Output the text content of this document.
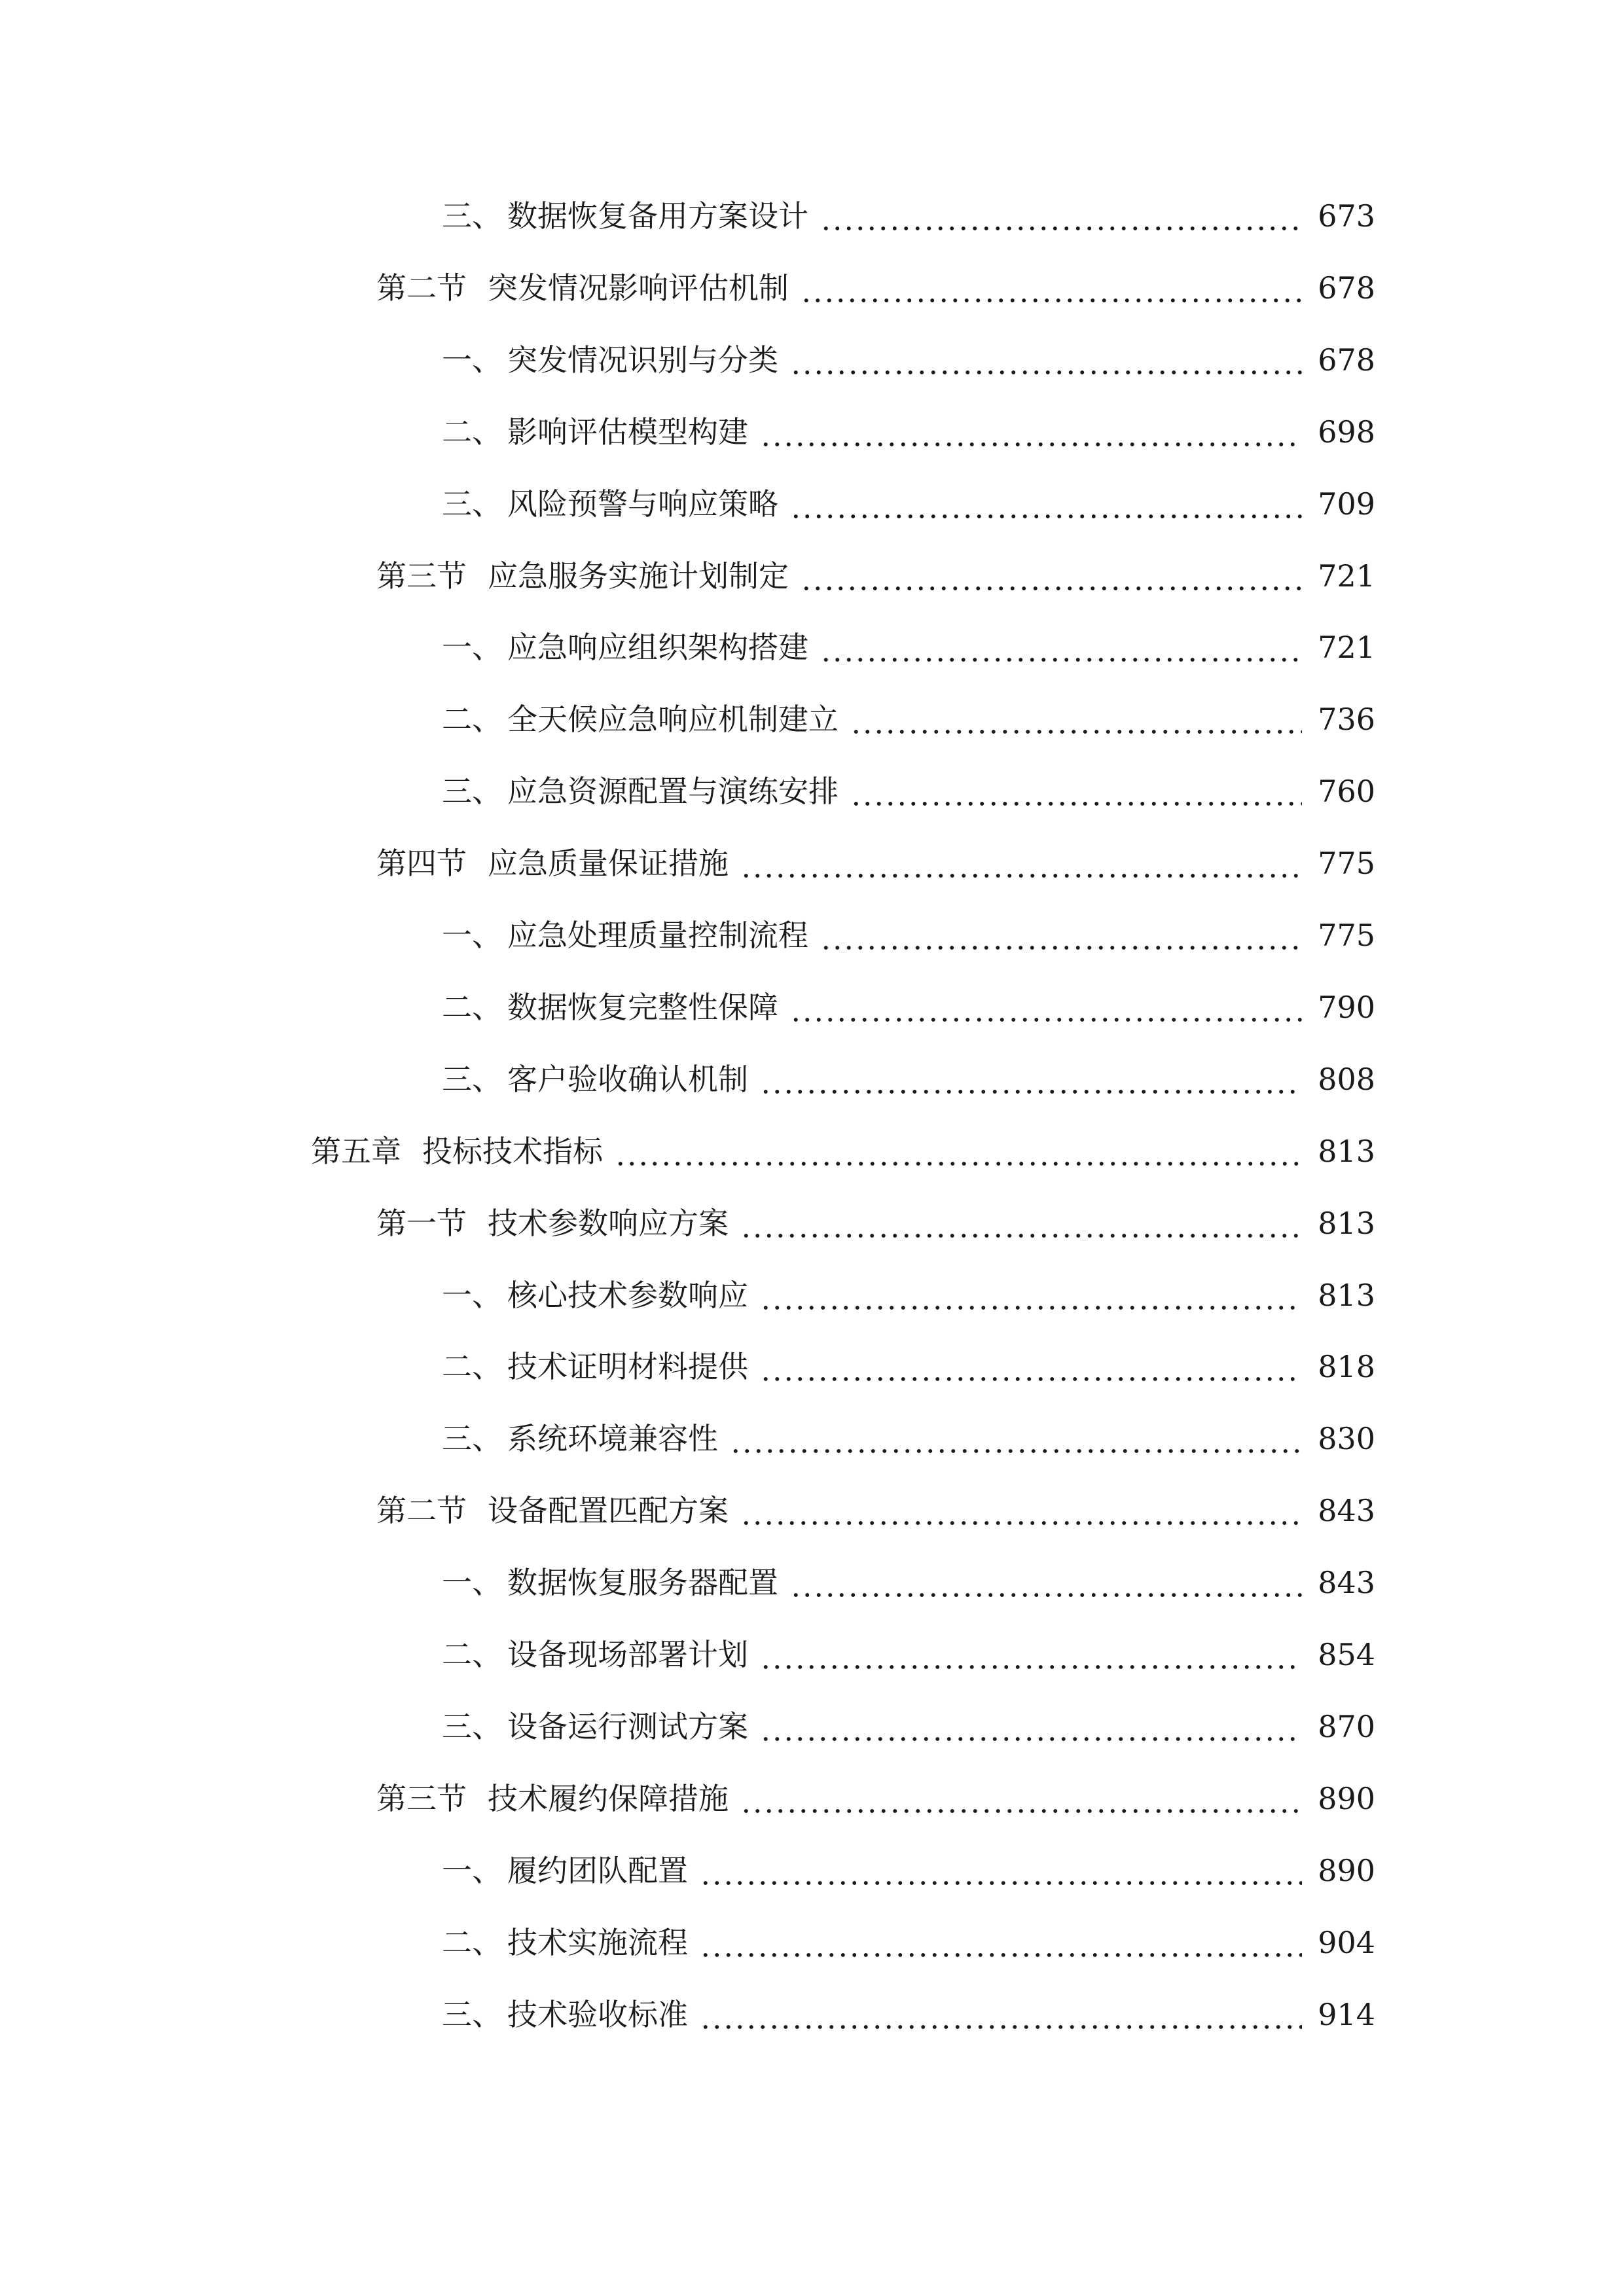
三、 数据恢复备用方案设计	673
第二节 突发情况影响评估机制	678
一、 突发情况识别与分类	678
二、 影响评估模型构建	698
三、 风险预警与响应策略	709
第三节 应急服务实施计划制定	721
一、 应急响应组织架构搭建	721
二、 全天候应急响应机制建立	736
三、 应急资源配置与演练安排	760
第四节 应急质量保证措施	775
一、 应急处理质量控制流程	775
二、 数据恢复完整性保障	790
三、 客户验收确认机制	808
第五章 投标技术指标	813
第一节 技术参数响应方案	813
一、 核心技术参数响应	813
二、 技术证明材料提供	818
三、 系统环境兼容性	830
第二节 设备配置匹配方案	843
一、 数据恢复服务器配置	843
二、 设备现场部署计划	854
三、 设备运行测试方案	870
第三节 技术履约保障措施	890
一、 履约团队配置	890
二、 技术实施流程	904
三、 技术验收标准	914
